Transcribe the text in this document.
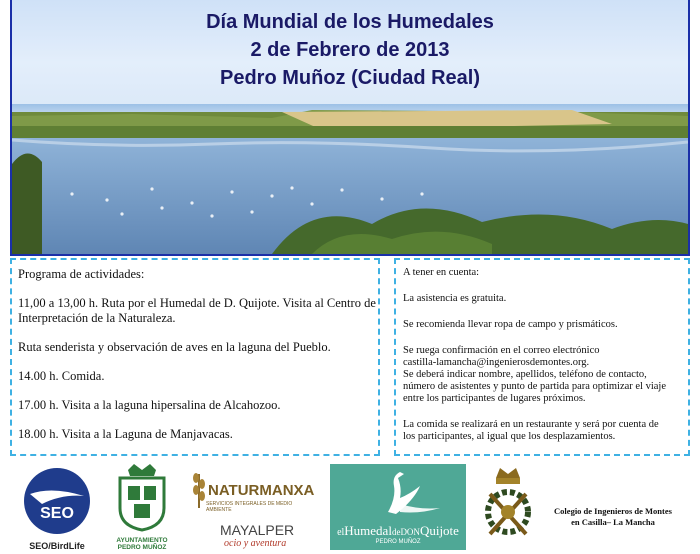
Día Mundial de los Humedales
2 de Febrero de 2013
Pedro Muñoz (Ciudad Real)

Programa de actividades:

11,00 a 13,00 h. Ruta por el Humedal de D. Quijote. Visita al Centro de Interpretación de la Naturaleza.

Ruta senderista y observación de aves en la laguna del Pueblo.

14.00 h. Comida.

17.00 h. Visita a la laguna hipersalina de Alcahozoo.

18.00 h. Visita a la Laguna de Manjavacas.

A tener en cuenta:

La asistencia es gratuita.

Se recomienda llevar ropa de campo y prismáticos.

Se ruega confirmación en el correo electrónico
castilla-lamancha@ingenierosdemontes.org.
Se deberá indicar nombre, apellidos, teléfono de contacto,
número de asistentes y punto de partida para optimizar el viaje
entre los participantes de lugares próximos.

La comida se realizará en un restaurante y será por cuenta de
los participantes, al igual que los desplazamientos.

SEO
SEO/BirdLife
AYUNTAMIENTO
PEDRO MUÑOZ
NATURMANXA
SERVICIOS INTEGRALES DE MEDIO AMBIENTE
MAYALPER
ocio y aventura
elHumedaldeDONQuijote
PEDRO MUÑOZ
Colegio de Ingenieros de Montes
en Casilla– La Mancha
